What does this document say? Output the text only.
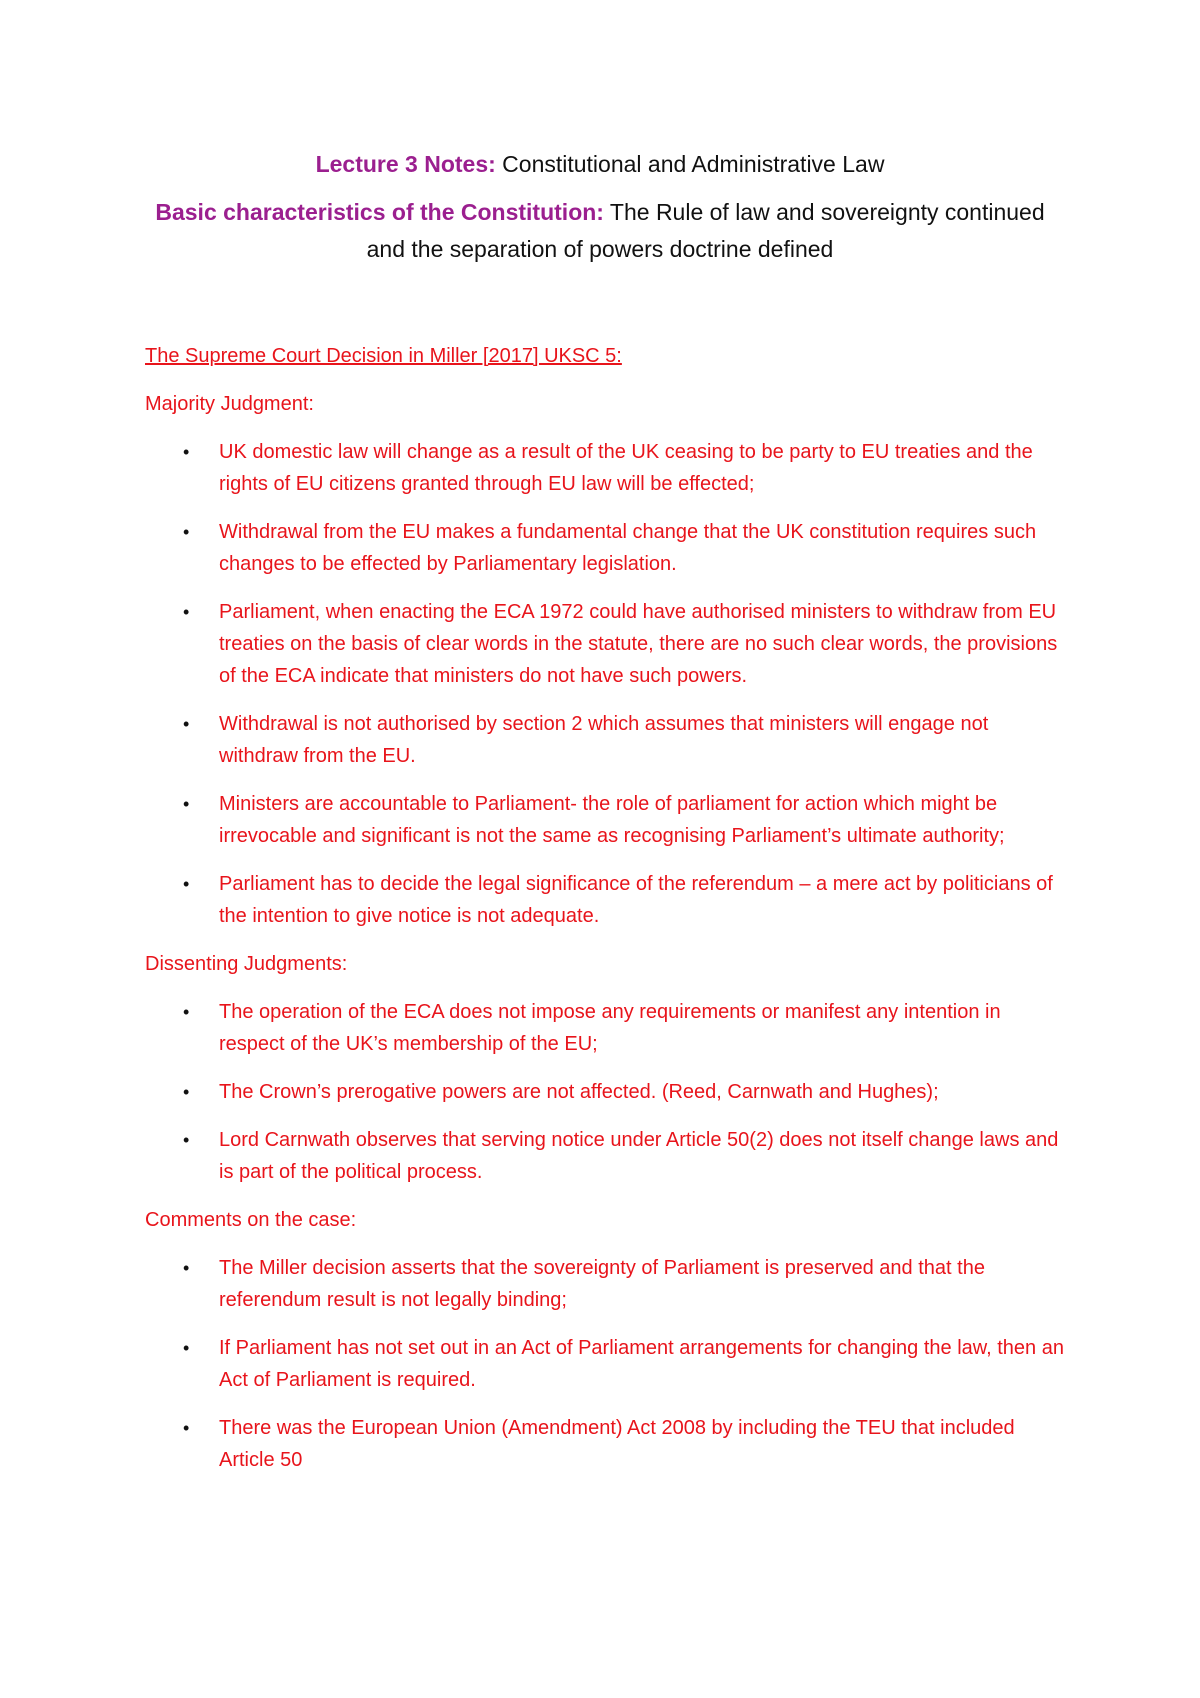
Lecture 3 Notes: Constitutional and Administrative Law
Basic characteristics of the Constitution: The Rule of law and sovereignty continued and the separation of powers doctrine defined
The Supreme Court Decision in Miller [2017] UKSC 5:
Majority Judgment:
• UK domestic law will change as a result of the UK ceasing to be party to EU treaties and the rights of EU citizens granted through EU law will be effected;
• Withdrawal from the EU makes a fundamental change that the UK constitution requires such changes to be effected by Parliamentary legislation.
• Parliament, when enacting the ECA 1972 could have authorised ministers to withdraw from EU treaties on the basis of clear words in the statute, there are no such clear words, the provisions of the ECA indicate that ministers do not have such powers.
• Withdrawal is not authorised by section 2 which assumes that ministers will engage not withdraw from the EU.
• Ministers are accountable to Parliament- the role of parliament for action which might be irrevocable and significant is not the same as recognising Parliament’s ultimate authority;
• Parliament has to decide the legal significance of the referendum – a mere act by politicians of the intention to give notice is not adequate.
Dissenting Judgments:
• The operation of the ECA does not impose any requirements or manifest any intention in respect of the UK’s membership of the EU;
• The Crown’s prerogative powers are not affected. (Reed, Carnwath and Hughes);
• Lord Carnwath observes that serving notice under Article 50(2) does not itself change laws and is part of the political process.
Comments on the case:
• The Miller decision asserts that the sovereignty of Parliament is preserved and that the referendum result is not legally binding;
• If Parliament has not set out in an Act of Parliament arrangements for changing the law, then an Act of Parliament is required.
• There was the European Union (Amendment) Act 2008 by including the TEU that included Article 50
